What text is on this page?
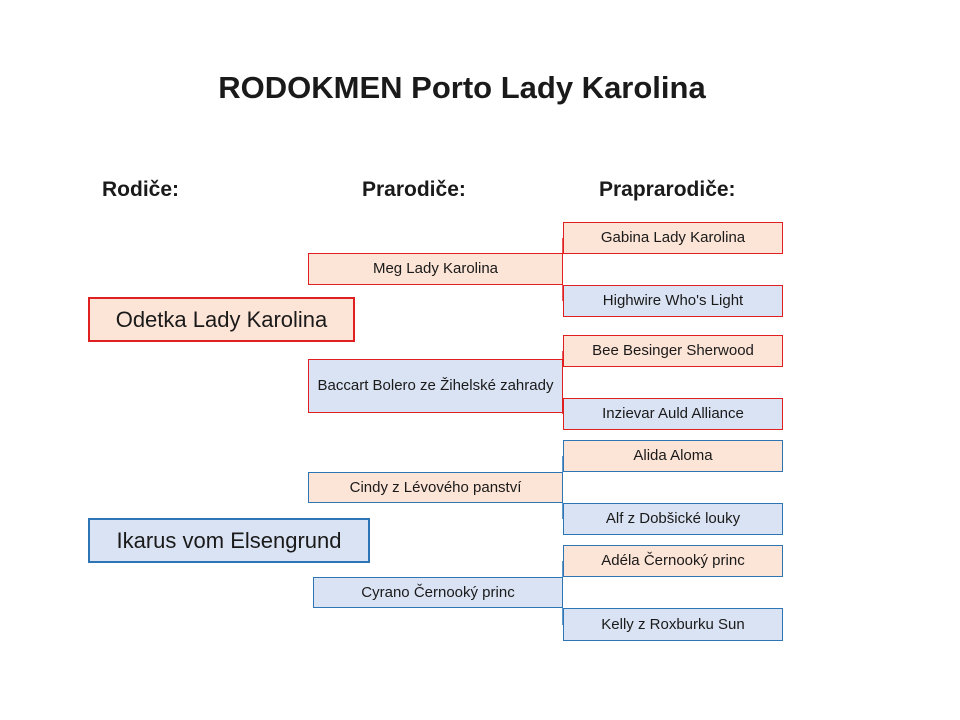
RODOKMEN Porto Lady Karolina
Rodiče:	Prarodiče:	Praprarodiče:
Odetka Lady Karolina
Ikarus vom Elsengrund
Meg Lady Karolina
Baccart Bolero ze Žihelské zahrady
Cindy z Lévového panství
Cyrano Černooký princ
Gabina Lady Karolina
Highwire Who's Light
Bee Besinger Sherwood
Inzievar Auld Alliance
Alida Aloma
Alf z Dobšické louky
Adéla Černooký princ
Kelly z Roxburku Sun
